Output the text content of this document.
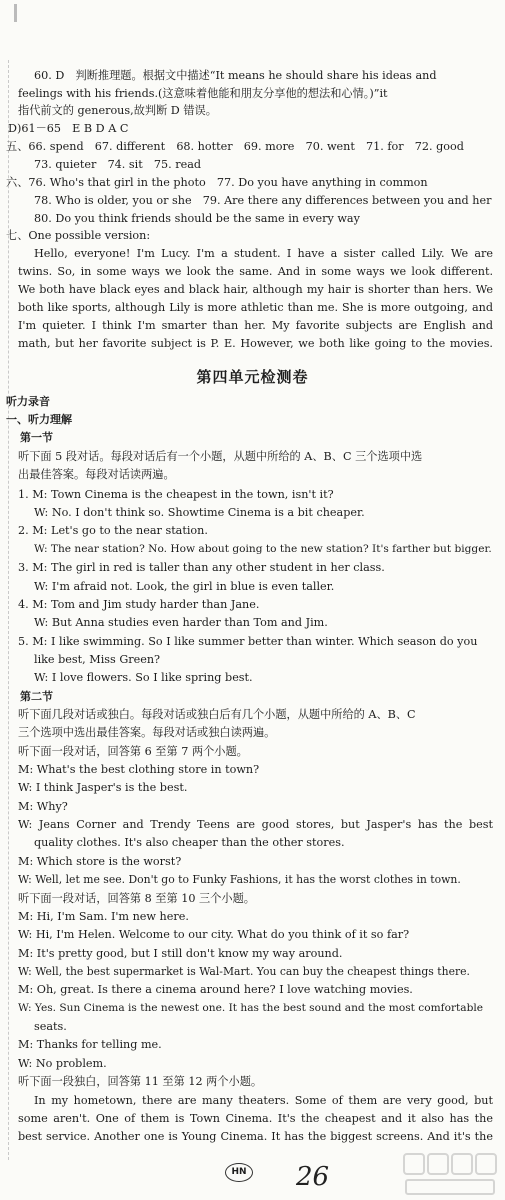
60. D　判断推理题。根据文中描述“It means he should share his ideas and
feelings with his friends.(这意味着他能和朋友分享他的想法和心情。)”it
指代前文的 generous,故判断 D 错误。
D)61－65　E B D A C
五、66. spend　67. different　68. hotter　69. more　70. went　71. for　72. good
73. quieter　74. sit　75. read
六、76. Who's that girl in the photo　77. Do you have anything in common
78. Who is older, you or she　79. Are there any differences between you and her
80. Do you think friends should be the same in every way
七、One possible version:
Hello, everyone! I'm Lucy. I'm a student. I have a sister called Lily. We are
twins. So, in some ways we look the same. And in some ways we look different.
We both have black eyes and black hair, although my hair is shorter than hers. We
both like sports, although Lily is more athletic than me. She is more outgoing, and
I'm quieter. I think I'm smarter than her. My favorite subjects are English and
math, but her favorite subject is P. E. However, we both like going to the movies.
第四单元检测卷
听力录音
一、听力理解
第一节
听下面 5 段对话。每段对话后有一个小题，从题中所给的 A、B、C 三个选项中选
出最佳答案。每段对话读两遍。
1. M: Town Cinema is the cheapest in the town, isn't it?
W: No. I don't think so. Showtime Cinema is a bit cheaper.
2. M: Let's go to the near station.
W: The near station? No. How about going to the new station? It's farther but bigger.
3. M: The girl in red is taller than any other student in her class.
W: I'm afraid not. Look, the girl in blue is even taller.
4. M: Tom and Jim study harder than Jane.
W: But Anna studies even harder than Tom and Jim.
5. M: I like swimming. So I like summer better than winter. Which season do you
like best, Miss Green?
W: I love flowers. So I like spring best.
第二节
听下面几段对话或独白。每段对话或独白后有几个小题，从题中所给的 A、B、C
三个选项中选出最佳答案。每段对话或独白读两遍。
听下面一段对话，回答第 6 至第 7 两个小题。
M: What's the best clothing store in town?
W: I think Jasper's is the best.
M: Why?
W: Jeans Corner and Trendy Teens are good stores, but Jasper's has the best
quality clothes. It's also cheaper than the other stores.
M: Which store is the worst?
W: Well, let me see. Don't go to Funky Fashions, it has the worst clothes in town.
听下面一段对话，回答第 8 至第 10 三个小题。
M: Hi, I'm Sam. I'm new here.
W: Hi, I'm Helen. Welcome to our city. What do you think of it so far?
M: It's pretty good, but I still don't know my way around.
W: Well, the best supermarket is Wal-Mart. You can buy the cheapest things there.
M: Oh, great. Is there a cinema around here? I love watching movies.
W: Yes. Sun Cinema is the newest one. It has the best sound and the most comfortable
seats.
M: Thanks for telling me.
W: No problem.
听下面一段独白，回答第 11 至第 12 两个小题。
In my hometown, there are many theaters. Some of them are very good, but
some aren't. One of them is Town Cinema. It's the cheapest and it also has the
best service. Another one is Young Cinema. It has the biggest screens. And it's the
HN 26
